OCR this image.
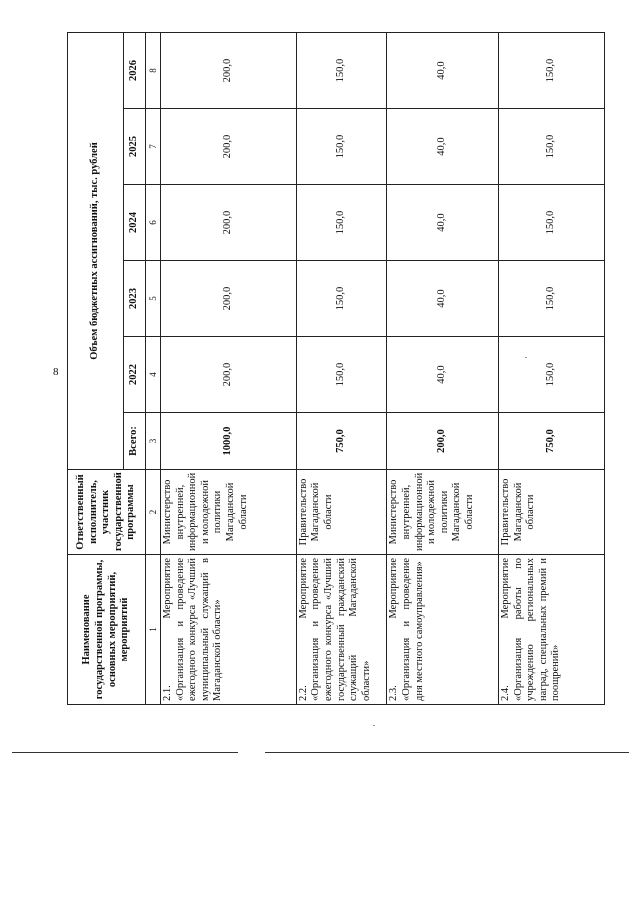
8
Наименование государственной программы, основных мероприятий, мероприятий	Ответственный исполнитель, участник государственной программы	Объем бюджетных ассигнований, тыс. рублей					
		Всего:	2022	2023	2024	2025	2026
1	2	3	4	5	6	7	8
2.1. Мероприятие «Организация и проведение ежегодного конкурса «Лучший муниципальный служащий в Магаданской области»	Министерство внутренней, информационной и молодежной политики Магаданской области	1000,0	200,0	200,0	200,0	200,0	200,0
2.2. Мероприятие «Организация и проведение ежегодного конкурса «Лучший государственный гражданский служащий Магаданской области»	Правительство Магаданской области	750,0	150,0	150,0	150,0	150,0	150,0
2.3. Мероприятие «Организация и проведение дня местного самоуправления»	Министерство внутренней, информационной и молодежной политики Магаданской области	200,0	40,0	40,0	40,0	40,0	40,0
2.4. Мероприятие «Организация работы по учреждению региональных наград, специальных премий и поощрений»	Правительство Магаданской области	750,0	150,0	150,0	150,0	150,0	150,0
